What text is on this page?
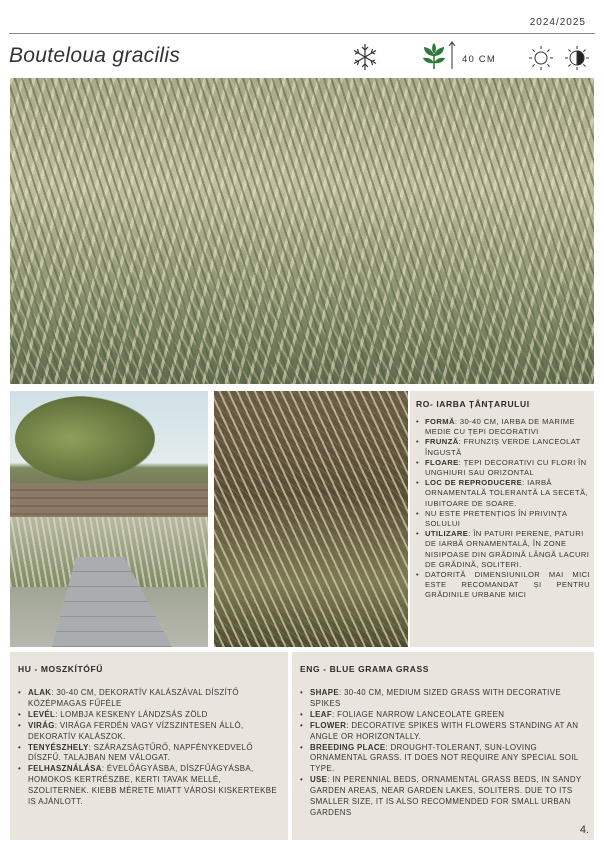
2024/2025
Bouteloua gracilis	40 CM
RO- IARBA ȚÂNȚARULUI
• FORMĂ: 30-40 CM, IARBA DE MARIME MEDIE CU ȚEPI DECORATIVI
• FRUNZĂ: FRUNZIȘ VERDE LANCEOLAT ÎNGUSTĂ
• FLOARE: ȚEPI DECORATIVI CU FLORI ÎN UNGHIURI SAU ORIZONTAL
• LOC DE REPRODUCERE: IARBĂ ORNAMENTALĂ TOLERANTĂ LA SECETĂ, IUBITOARE DE SOARE.
• NU ESTE PRETENȚIOS ÎN PRIVINȚA SOLULUI
• UTILIZARE: ÎN PATURI PERENE, PATURI DE IARBĂ ORNAMENTALĂ, ÎN ZONE NISIPOASE DIN GRĂDINĂ LÂNGĂ LACURI DE GRĂDINĂ, SOLITERI.
• DATORITĂ DIMENSIUNILOR MAI MICI ESTE RECOMANDAT ȘI PENTRU GRĂDINILE URBANE MICI
HU - MOSZKÍTÓFŰ
• ALAK: 30-40 CM, DEKORATÍV KALÁSZÁVAL DÍSZÍTŐ KÖZÉPMAGAS FŰFÉLE
• LEVÉL: LOMBJA KESKENY LÁNDZSÁS ZÖLD
• VIRÁG: VIRÁGA FERDÉN VAGY VÍZSZINTESEN ÁLLÓ, DEKORATÍV KALÁSZOK.
• TENYÉSZHELY: SZÁRAZSÁGTŰRŐ, NAPFÉNYKEDVELŐ DÍSZFŰ. TALAJBAN NEM VÁLOGAT.
• FELHASZNÁLÁSA: ÉVELŐÁGYÁSBA, DÍSZFŰÁGYÁSBA, HOMOKOS KERTRÉSZBE, KERTI TAVAK MELLÉ, SZOLITERNEK. KIEBB MÉRETE MIATT VÁROSI KISKERTEKBE IS AJÁNLOTT.
ENG - BLUE GRAMA GRASS
• SHAPE: 30-40 CM, MEDIUM SIZED GRASS WITH DECORATIVE SPIKES
• LEAF: FOLIAGE NARROW LANCEOLATE GREEN
• FLOWER: DECORATIVE SPIKES WITH FLOWERS STANDING AT AN ANGLE OR HORIZONTALLY.
• BREEDING PLACE: DROUGHT-TOLERANT, SUN-LOVING ORNAMENTAL GRASS. IT DOES NOT REQUIRE ANY SPECIAL SOIL TYPE.
• USE: IN PERENNIAL BEDS, ORNAMENTAL GRASS BEDS, IN SANDY GARDEN AREAS, NEAR GARDEN LAKES, SOLITERS. DUE TO ITS SMALLER SIZE, IT IS ALSO RECOMMENDED FOR SMALL URBAN GARDENS
4.
